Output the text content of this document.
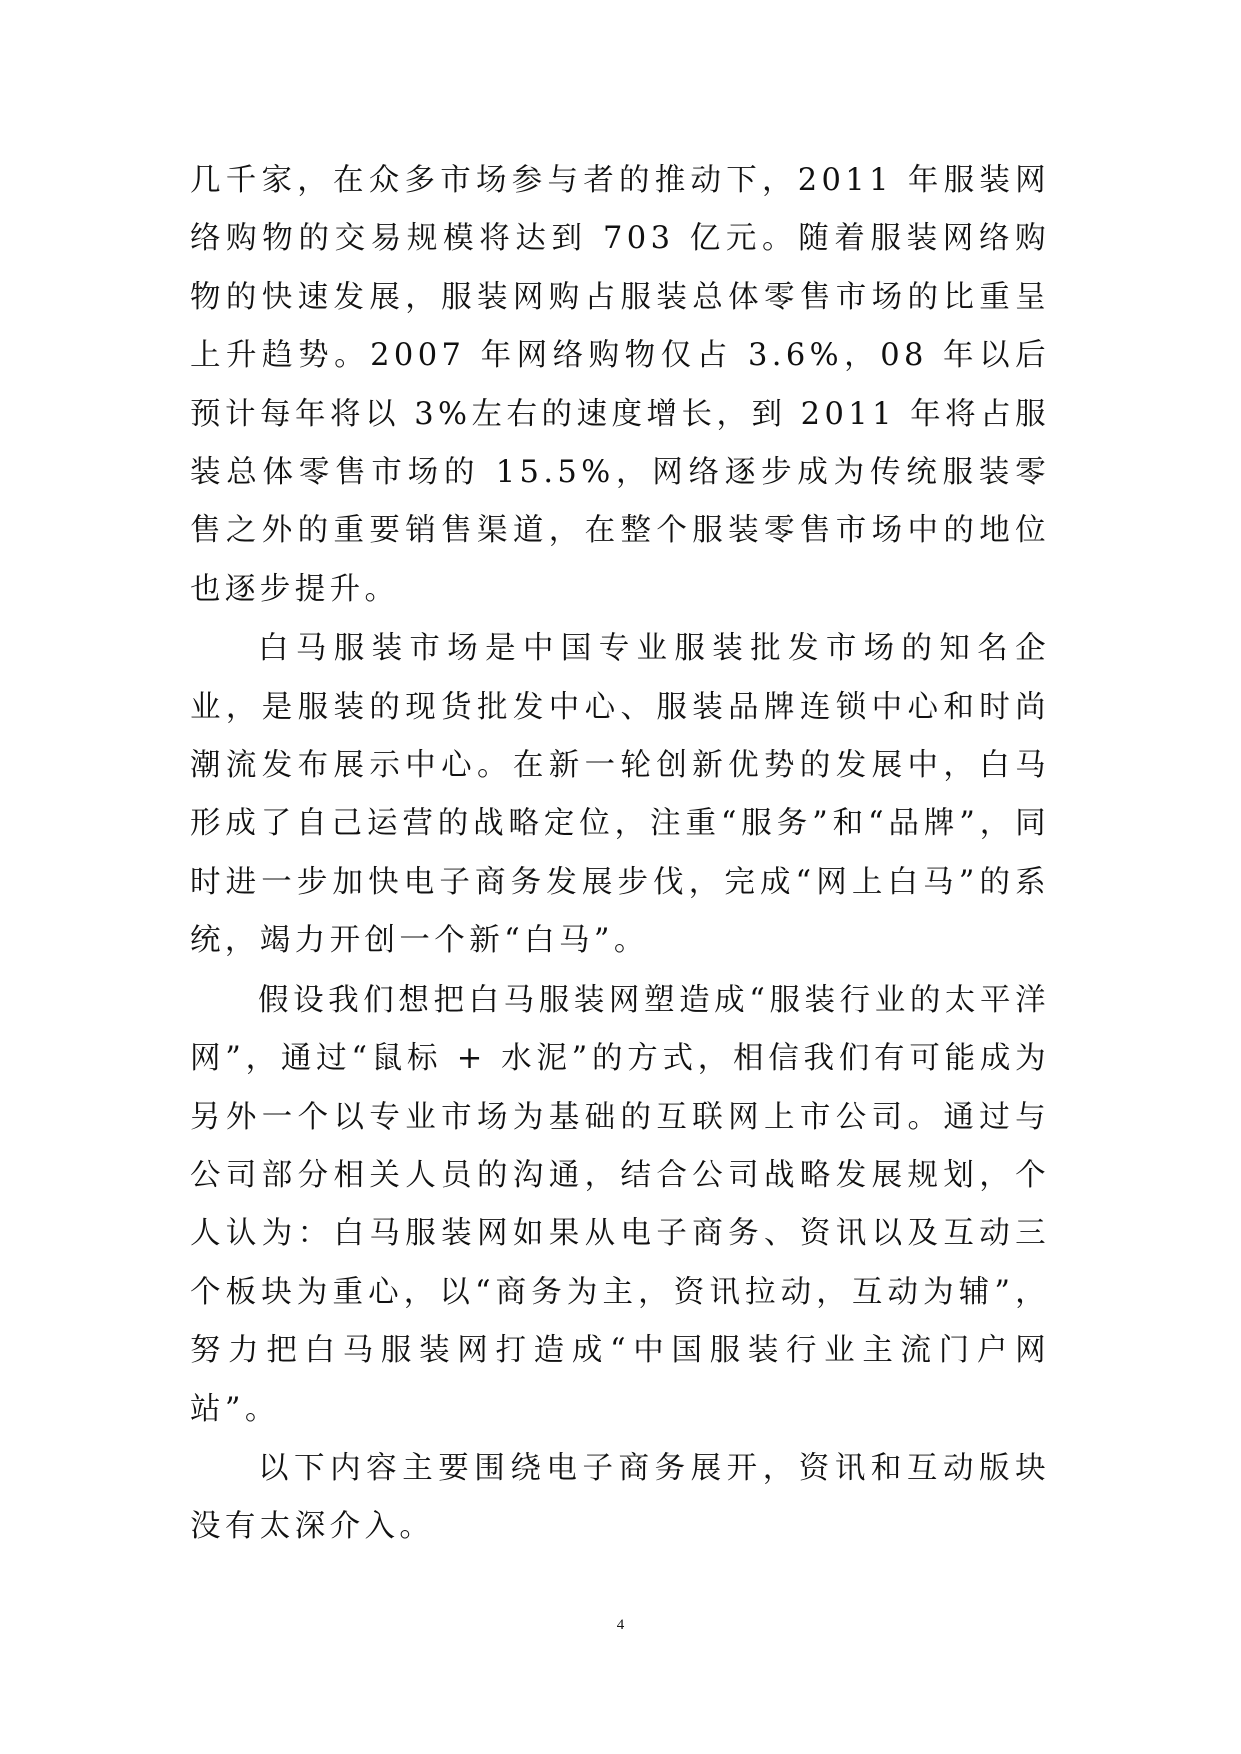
几千家，在众多市场参与者的推动下，2011 年服装网络购物的交易规模将达到 703 亿元。随着服装网络购物的快速发展，服装网购占服装总体零售市场的比重呈上升趋势。2007 年网络购物仅占 3.6%，08 年以后预计每年将以 3%左右的速度增长，到 2011 年将占服装总体零售市场的 15.5%，网络逐步成为传统服装零售之外的重要销售渠道，在整个服装零售市场中的地位也逐步提升。

白马服装市场是中国专业服装批发市场的知名企业，是服装的现货批发中心、服装品牌连锁中心和时尚潮流发布展示中心。在新一轮创新优势的发展中，白马形成了自己运营的战略定位，注重“服务”和“品牌”，同时进一步加快电子商务发展步伐，完成“网上白马”的系统，竭力开创一个新“白马”。

假设我们想把白马服装网塑造成“服装行业的太平洋网”，通过“鼠标 + 水泥”的方式，相信我们有可能成为另外一个以专业市场为基础的互联网上市公司。通过与公司部分相关人员的沟通，结合公司战略发展规划，个人认为：白马服装网如果从电子商务、资讯以及互动三个板块为重心，以“商务为主，资讯拉动，互动为辅”，努力把白马服装网打造成“中国服装行业主流门户网站”。

以下内容主要围绕电子商务展开，资讯和互动版块没有太深介入。

4
